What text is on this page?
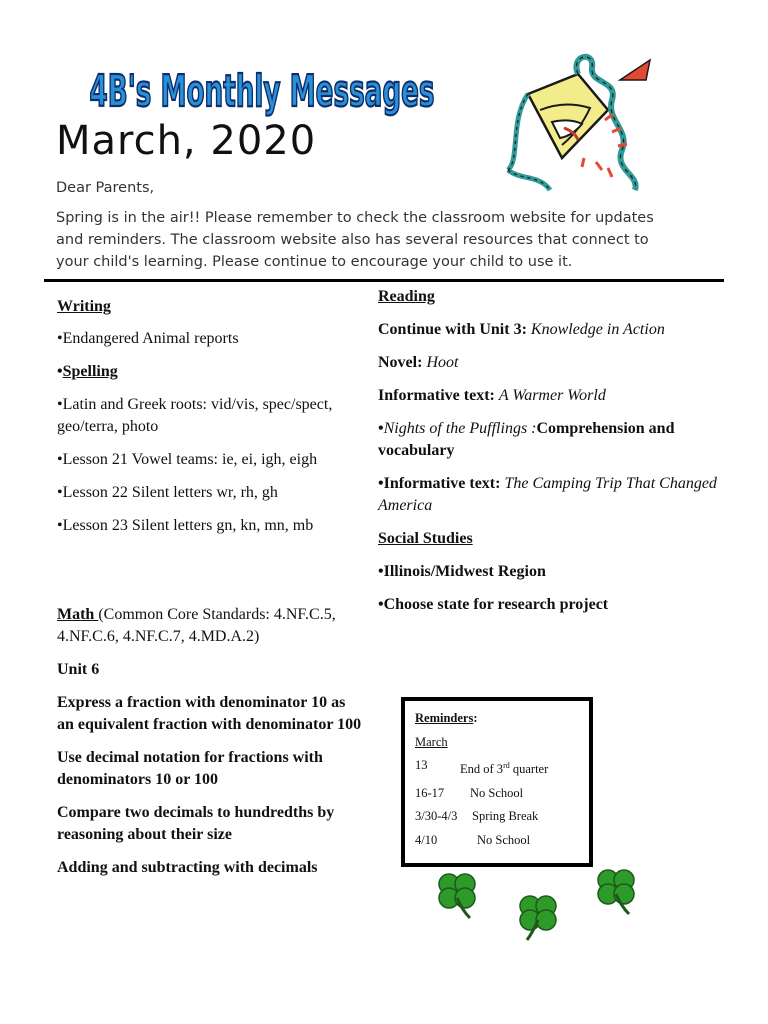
4B's Monthly Messages
March, 2020
Dear Parents,
Spring is in the air!! Please remember to check the classroom website for updates and reminders. The classroom website also has several resources that connect to your child's learning. Please continue to encourage your child to use it.

Writing

•Endangered Animal reports

•Spelling

•Latin and Greek roots: vid/vis, spec/spect, geo/terra, photo

•Lesson 21 Vowel teams: ie, ei, igh, eigh

•Lesson 22 Silent letters wr, rh, gh

•Lesson 23 Silent letters gn, kn, mn, mb

Math (Common Core Standards: 4.NF.C.5, 4.NF.C.6, 4.NF.C.7, 4.MD.A.2)

Unit 6

Express a fraction with denominator 10 as an equivalent fraction with denominator 100

Use decimal notation for fractions with denominators 10 or 100

Compare two decimals to hundredths by reasoning about their size

Adding and subtracting with decimals

Reading

Continue with Unit 3: Knowledge in Action

Novel: Hoot

Informative text: A Warmer World

•Nights of the Pufflings :Comprehension and vocabulary

•Informative text: The Camping Trip That Changed America

Social Studies

•Illinois/Midwest Region

•Choose state for research project

Reminders:
March
13	End of 3rd quarter
16-17	No School
3/30-4/3	Spring Break
4/10	No School
